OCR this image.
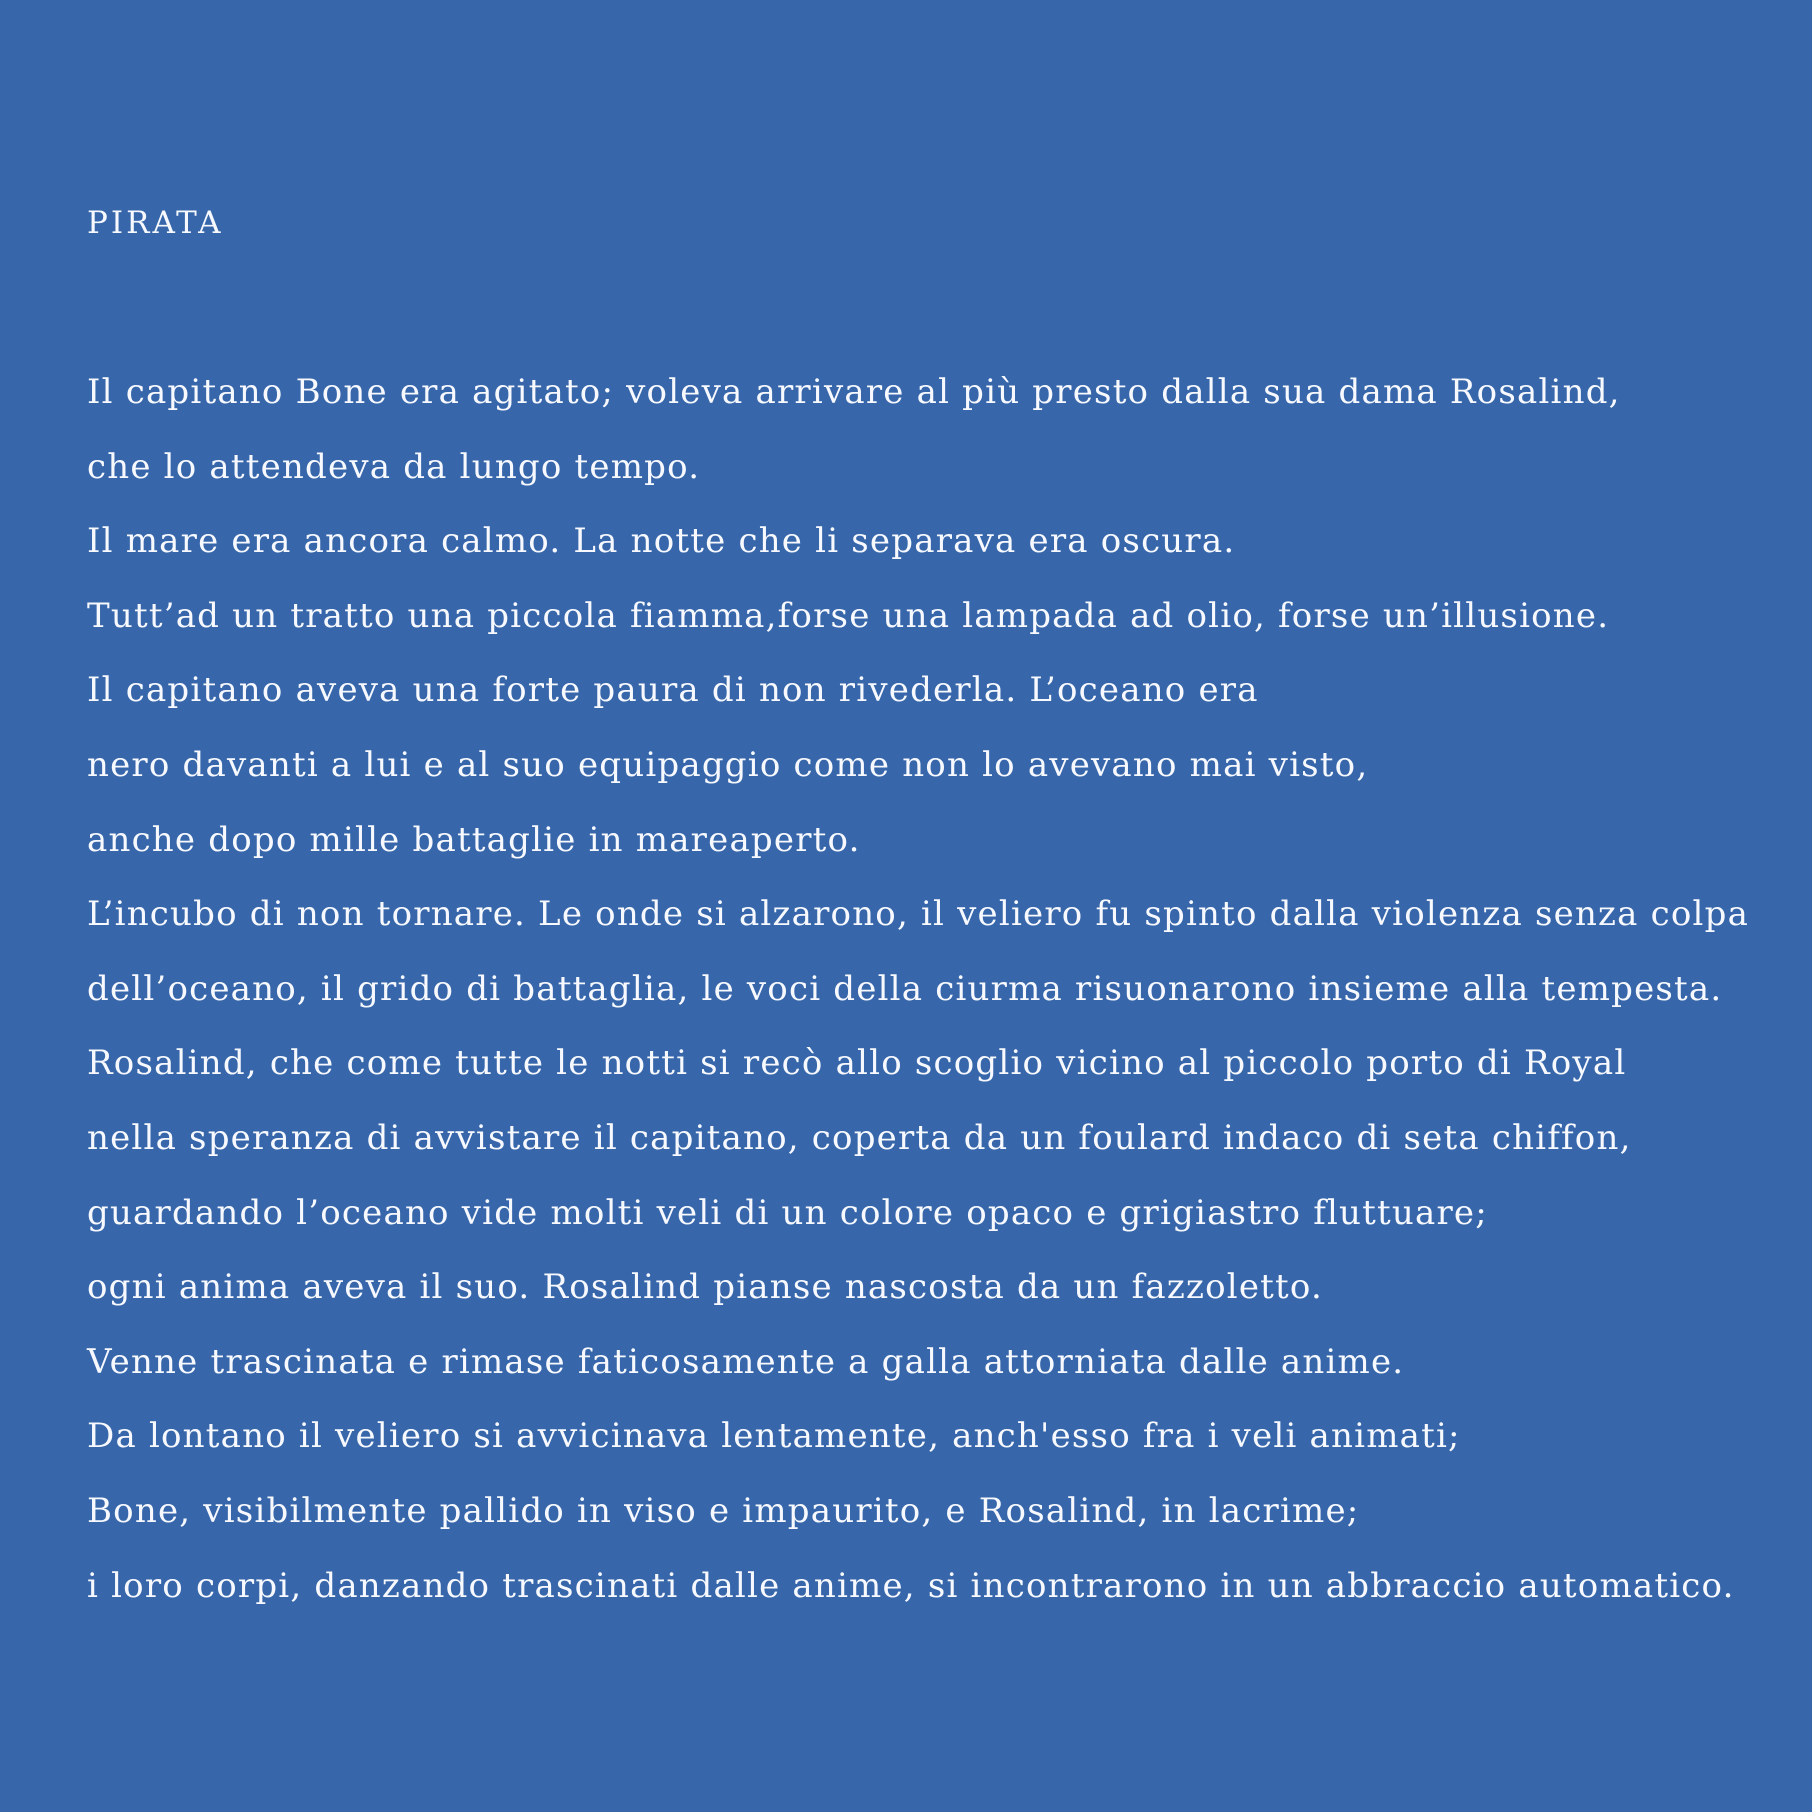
PIRATA
Il capitano Bone era agitato; voleva arrivare al più presto dalla sua dama Rosalind,
che lo attendeva da lungo tempo.
Il mare era ancora calmo. La notte che li separava era oscura.
Tutt’ad un tratto una piccola fiamma,forse una lampada ad olio, forse un’illusione.
Il capitano aveva una forte paura di non rivederla. L’oceano era
nero davanti a lui e al suo equipaggio come non lo avevano mai visto,
anche dopo mille battaglie in mareaperto.
L’incubo di non tornare. Le onde si alzarono, il veliero fu spinto dalla violenza senza colpa
dell’oceano, il grido di battaglia, le voci della ciurma risuonarono insieme alla tempesta.
Rosalind, che come tutte le notti si recò allo scoglio vicino al piccolo porto di Royal
nella speranza di avvistare il capitano, coperta da un foulard indaco di seta chiffon,
guardando l’oceano vide molti veli di un colore opaco e grigiastro fluttuare;
ogni anima aveva il suo. Rosalind pianse nascosta da un fazzoletto.
Venne trascinata e rimase faticosamente a galla attorniata dalle anime.
Da lontano il veliero si avvicinava lentamente, anch'esso fra i veli animati;
Bone, visibilmente pallido in viso e impaurito, e Rosalind, in lacrime;
i loro corpi, danzando trascinati dalle anime, si incontrarono in un abbraccio automatico.
